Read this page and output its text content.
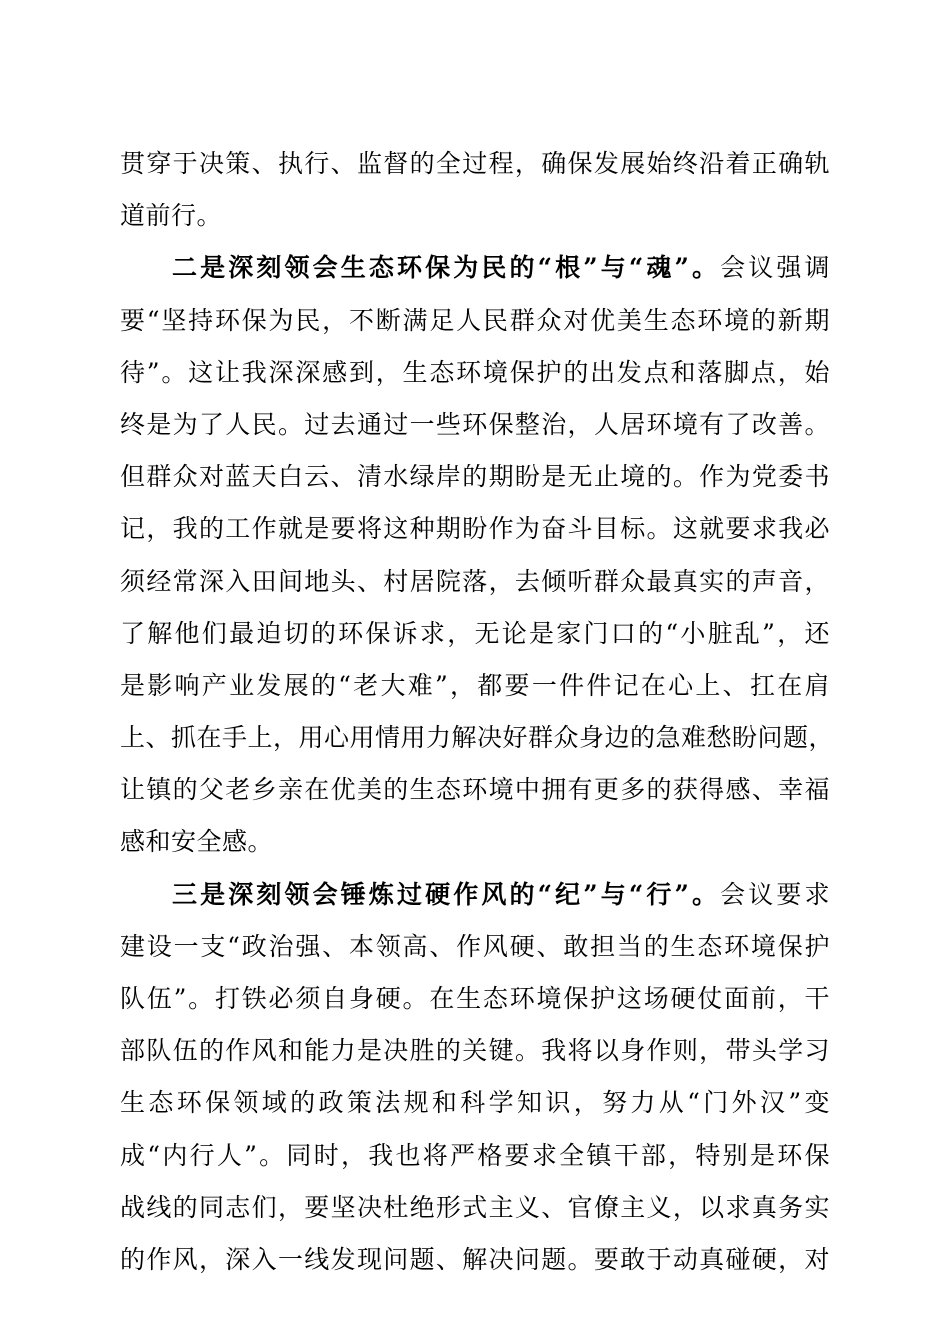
贯穿于决策、执行、监督的全过程，确保发展始终沿着正确轨
道前行。
二是深刻领会生态环保为民的“根”与“魂”。会议强调
要“坚持环保为民，不断满足人民群众对优美生态环境的新期
待”。这让我深深感到，生态环境保护的出发点和落脚点，始
终是为了人民。过去通过一些环保整治，人居环境有了改善。
但群众对蓝天白云、清水绿岸的期盼是无止境的。作为党委书
记，我的工作就是要将这种期盼作为奋斗目标。这就要求我必
须经常深入田间地头、村居院落，去倾听群众最真实的声音，
了解他们最迫切的环保诉求，无论是家门口的“小脏乱”，还
是影响产业发展的“老大难”，都要一件件记在心上、扛在肩
上、抓在手上，用心用情用力解决好群众身边的急难愁盼问题，
让镇的父老乡亲在优美的生态环境中拥有更多的获得感、幸福
感和安全感。
三是深刻领会锤炼过硬作风的“纪”与“行”。会议要求
建设一支“政治强、本领高、作风硬、敢担当的生态环境保护
队伍”。打铁必须自身硬。在生态环境保护这场硬仗面前，干
部队伍的作风和能力是决胜的关键。我将以身作则，带头学习
生态环保领域的政策法规和科学知识，努力从“门外汉”变
成“内行人”。同时，我也将严格要求全镇干部，特别是环保
战线的同志们，要坚决杜绝形式主义、官僚主义，以求真务实
的作风，深入一线发现问题、解决问题。要敢于动真碰硬，对
